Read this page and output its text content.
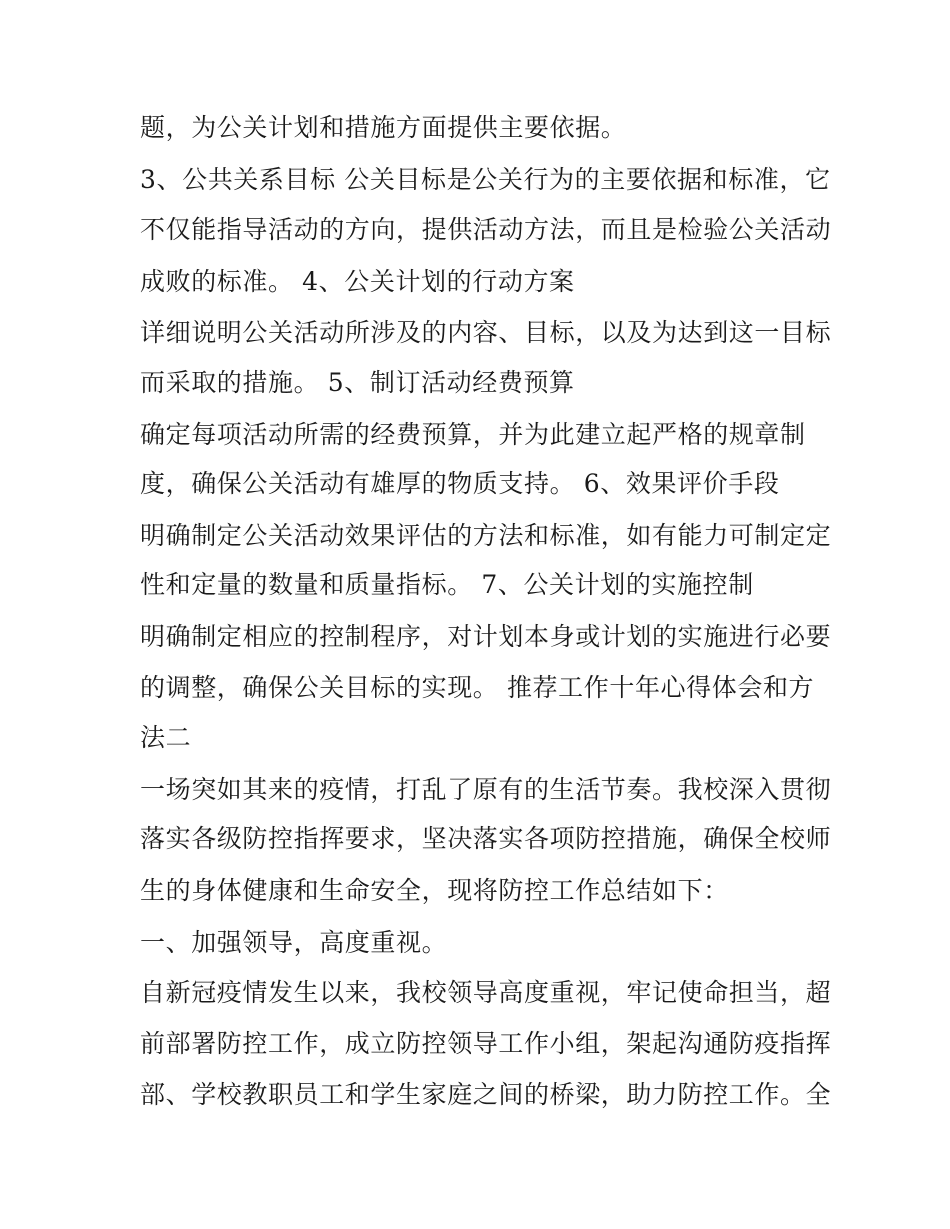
题，为公关计划和措施方面提供主要依据。

3、公共关系目标 公关目标是公关行为的主要依据和标准，它

不仅能指导活动的方向，提供活动方法，而且是检验公关活动

成败的标准。 4、公关计划的行动方案

详细说明公关活动所涉及的内容、目标，以及为达到这一目标

而采取的措施。 5、制订活动经费预算

确定每项活动所需的经费预算，并为此建立起严格的规章制

度，确保公关活动有雄厚的物质支持。 6、效果评价手段

明确制定公关活动效果评估的方法和标准，如有能力可制定定

性和定量的数量和质量指标。 7、公关计划的实施控制

明确制定相应的控制程序，对计划本身或计划的实施进行必要

的调整，确保公关目标的实现。 推荐工作十年心得体会和方

法二

一场突如其来的疫情，打乱了原有的生活节奏。我校深入贯彻

落实各级防控指挥要求，坚决落实各项防控措施，确保全校师

生的身体健康和生命安全，现将防控工作总结如下：

一、加强领导，高度重视。

自新冠疫情发生以来，我校领导高度重视，牢记使命担当，超

前部署防控工作，成立防控领导工作小组，架起沟通防疫指挥

部、学校教职员工和学生家庭之间的桥梁，助力防控工作。全
